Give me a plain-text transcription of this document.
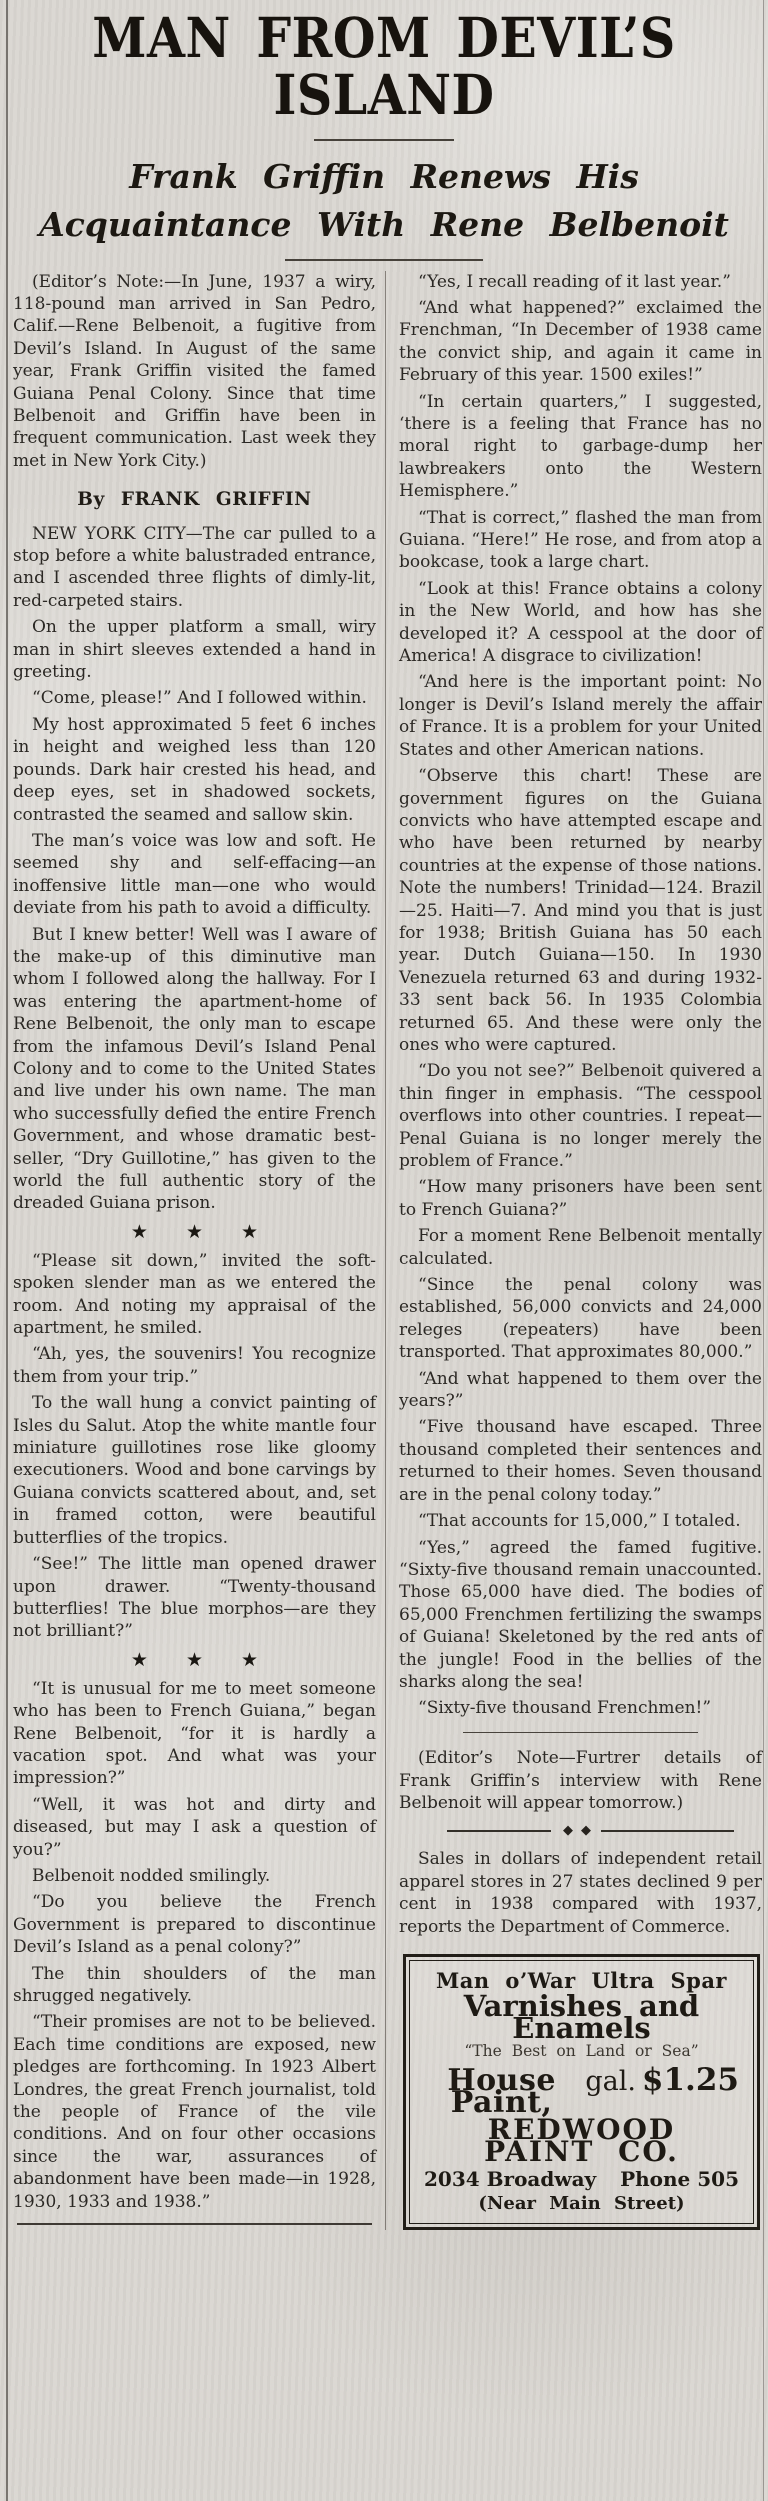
MAN FROM DEVIL’S ISLAND
Frank Griffin Renews His Acquaintance With Rene Belbenoit

(Editor’s Note:—In June, 1937 a wiry, 118-pound man arrived in San Pedro, Calif.—Rene Belbenoit, a fugitive from Devil’s Island. In August of the same year, Frank Griffin visited the famed Guiana Penal Colony. Since that time Belbenoit and Griffin have been in frequent communication. Last week they met in New York City.)

By FRANK GRIFFIN

NEW YORK CITY—The car pulled to a stop before a white balustraded entrance, and I ascended three flights of dimly-lit, red-carpeted stairs.

On the upper platform a small, wiry man in shirt sleeves extended a hand in greeting.

“Come, please!” And I followed within.

My host approximated 5 feet 6 inches in height and weighed less than 120 pounds. Dark hair crested his head, and deep eyes, set in shadowed sockets, contrasted the seamed and sallow skin.

The man’s voice was low and soft. He seemed shy and self-effacing—an inoffensive little man—one who would deviate from his path to avoid a difficulty.

But I knew better! Well was I aware of the make-up of this diminutive man whom I followed along the hallway. For I was entering the apartment-home of Rene Belbenoit, the only man to escape from the infamous Devil’s Island Penal Colony and to come to the United States and live under his own name. The man who successfully defied the entire French Government, and whose dramatic best-seller, “Dry Guillotine,” has given to the world the full authentic story of the dreaded Guiana prison.

★ ★ ★

“Please sit down,” invited the soft-spoken slender man as we entered the room. And noting my appraisal of the apartment, he smiled.

“Ah, yes, the souvenirs! You recognize them from your trip.”

To the wall hung a convict painting of Isles du Salut. Atop the white mantle four miniature guillotines rose like gloomy executioners. Wood and bone carvings by Guiana convicts scattered about, and, set in framed cotton, were beautiful butterflies of the tropics.

“See!” The little man opened drawer upon drawer. “Twenty-thousand butterflies! The blue morphos—are they not brilliant?”

★ ★ ★

“It is unusual for me to meet someone who has been to French Guiana,” began Rene Belbenoit, “for it is hardly a vacation spot. And what was your impression?”

“Well, it was hot and dirty and diseased, but may I ask a question of you?”

Belbenoit nodded smilingly.

“Do you believe the French Government is prepared to discontinue Devil’s Island as a penal colony?”

The thin shoulders of the man shrugged negatively.

“Their promises are not to be believed. Each time conditions are exposed, new pledges are forthcoming. In 1923 Albert Londres, the great French journalist, told the people of France of the vile conditions. And on four other occasions since the war, assurances of abandonment have been made—in 1928, 1930, 1933 and 1938.”

“Yes, I recall reading of it last year.”

“And what happened?” exclaimed the Frenchman, “In December of 1938 came the convict ship, and again it came in February of this year. 1500 exiles!”

“In certain quarters,” I suggested, ‘there is a feeling that France has no moral right to garbage-dump her lawbreakers onto the Western Hemisphere.”

“That is correct,” flashed the man from Guiana. “Here!” He rose, and from atop a bookcase, took a large chart.

“Look at this! France obtains a colony in the New World, and how has she developed it? A cesspool at the door of America! A disgrace to civilization!

“And here is the important point: No longer is Devil’s Island merely the affair of France. It is a problem for your United States and other American nations.

“Observe this chart! These are government figures on the Guiana convicts who have attempted escape and who have been returned by nearby countries at the expense of those nations. Note the numbers! Trinidad—124. Brazil—25. Haiti—7. And mind you that is just for 1938; British Guiana has 50 each year. Dutch Guiana—150. In 1930 Venezuela returned 63 and during 1932-33 sent back 56. In 1935 Colombia returned 65. And these were only the ones who were captured.

“Do you not see?” Belbenoit quivered a thin finger in emphasis. “The cesspool overflows into other countries. I repeat—Penal Guiana is no longer merely the problem of France.”

“How many prisoners have been sent to French Guiana?”

For a moment Rene Belbenoit mentally calculated.

“Since the penal colony was established, 56,000 convicts and 24,000 releges (repeaters) have been transported. That approximates 80,000.”

“And what happened to them over the years?”

“Five thousand have escaped. Three thousand completed their sentences and returned to their homes. Seven thousand are in the penal colony today.”

“That accounts for 15,000,” I totaled.

“Yes,” agreed the famed fugitive. “Sixty-five thousand remain unaccounted. Those 65,000 have died. The bodies of 65,000 Frenchmen fertilizing the swamps of Guiana! Skeletoned by the red ants of the jungle! Food in the bellies of the sharks along the sea!

“Sixty-five thousand Frenchmen!”

(Editor’s Note—Furtrer details of Frank Griffin’s interview with Rene Belbenoit will appear tomorrow.)

◆◆

Sales in dollars of independent retail apparel stores in 27 states declined 9 per cent in 1938 compared with 1937, reports the Department of Commerce.

Man o’War Ultra Spar
Varnishes and Enamels
“The Best on Land or Sea”
House Paint,
gal. $1.25
REDWOOD PAINT CO.
2034 Broadway Phone 505
(Near Main Street)
